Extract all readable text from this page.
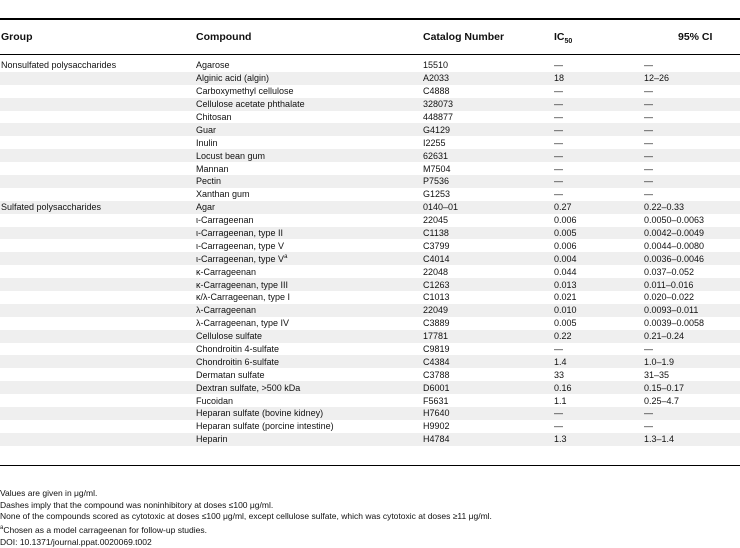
Group	Compound	Catalog Number	$IC_{50}$	95% CI
Nonsulfated polysaccharides	Agarose	15510	—	—
	Alginic acid (algin)	A2033	18	12–26
	Carboxymethyl cellulose	C4888	—	—
	Cellulose acetate phthalate	328073	—	—
	Chitosan	448877	—	—
	Guar	G4129	—	—
	Inulin	I2255	—	—
	Locust bean gum	62631	—	—
	Mannan	M7504	—	—
	Pectin	P7536	—	—
	Xanthan gum	G1253	—	—
Sulfated polysaccharides	Agar	0140–01	0.27	0.22–0.33
	ι-Carrageenan	22045	0.006	0.0050–0.0063
	ι-Carrageenan, type II	C1138	0.005	0.0042–0.0049
	ι-Carrageenan, type V	C3799	0.006	0.0044–0.0080
	ι-Carrageenan, type $V^a$	C4014	0.004	0.0036–0.0046
	κ-Carrageenan	22048	0.044	0.037–0.052
	κ-Carrageenan, type III	C1263	0.013	0.011–0.016
	κ/λ-Carrageenan, type I	C1013	0.021	0.020–0.022
	λ-Carrageenan	22049	0.010	0.0093–0.011
	λ-Carrageenan, type IV	C3889	0.005	0.0039–0.0058
	Cellulose sulfate	17781	0.22	0.21–0.24
	Chondroitin 4-sulfate	C9819	—	—
	Chondroitin 6-sulfate	C4384	1.4	1.0–1.9
	Dermatan sulfate	C3788	33	31–35
	Dextran sulfate, >500 kDa	D6001	0.16	0.15–0.17
	Fucoidan	F5631	1.1	0.25–4.7
	Heparan sulfate (bovine kidney)	H7640	—	—
	Heparan sulfate (porcine intestine)	H9902	—	—
	Heparin	H4784	1.3	1.3–1.4
Values are given in μg/ml.
Dashes imply that the compound was noninhibitory at doses ≤100 μg/ml.
None of the compounds scored as cytotoxic at doses ≤100 μg/ml, except cellulose sulfate, which was cytotoxic at doses ≥11 μg/ml.
$^a$Chosen as a model carrageenan for follow-up studies.
DOI: 10.1371/journal.ppat.0020069.t002
